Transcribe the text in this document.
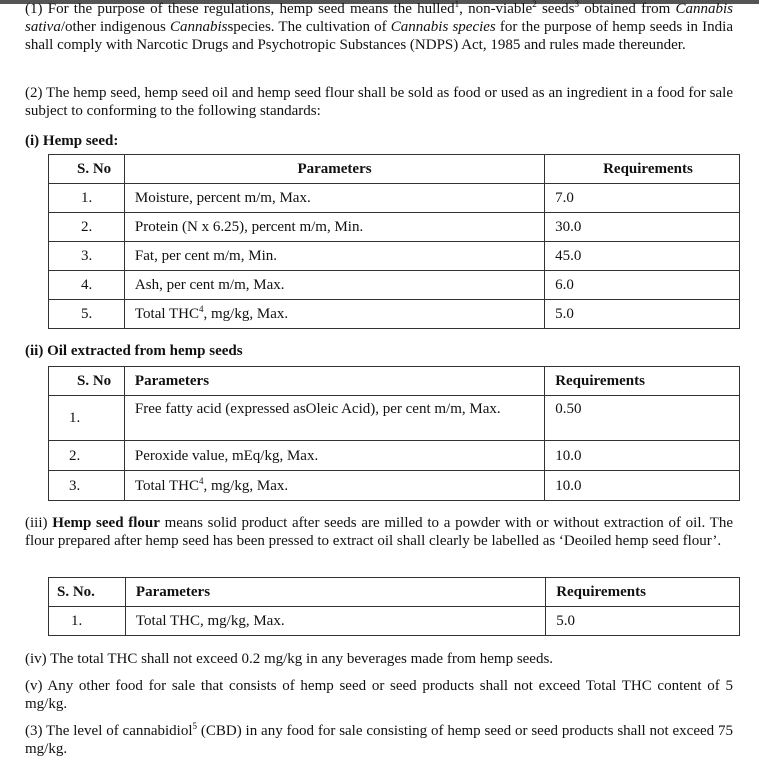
(1) For the purpose of these regulations, hemp seed means the hulled$^1$, non-viable$^2$ seeds$^3$ obtained from Cannabis sativa/other indigenous Cannabisspecies. The cultivation of Cannabis species for the purpose of hemp seeds in India shall comply with Narcotic Drugs and Psychotropic Substances (NDPS) Act, 1985 and rules made thereunder.
(2) The hemp seed, hemp seed oil and hemp seed flour shall be sold as food or used as an ingredient in a food for sale subject to conforming to the following standards:
(i) Hemp seed:
S. No	Parameters	Requirements
1.	Moisture, percent m/m, Max.	7.0
2.	Protein (N x 6.25), percent m/m, Min.	30.0
3.	Fat, per cent m/m, Min.	45.0
4.	Ash, per cent m/m, Max.	6.0
5.	Total THC$^4$, mg/kg, Max.	5.0
(ii) Oil extracted from hemp seeds
S. No	Parameters	Requirements
1.	Free fatty acid (expressed asOleic Acid), per cent m/m, Max.	0.50
2.	Peroxide value, mEq/kg, Max.	10.0
3.	Total THC$^4$, mg/kg, Max.	10.0
(iii) Hemp seed flour means solid product after seeds are milled to a powder with or without extraction of oil. The flour prepared after hemp seed has been pressed to extract oil shall clearly be labelled as ‘Deoiled hemp seed flour’.
S. No.	Parameters	Requirements
1.	Total THC, mg/kg, Max.	5.0
(iv) The total THC shall not exceed 0.2 mg/kg in any beverages made from hemp seeds.
(v) Any other food for sale that consists of hemp seed or seed products shall not exceed Total THC content of 5 mg/kg.
(3) The level of cannabidiol$^5$ (CBD) in any food for sale consisting of hemp seed or seed products shall not exceed 75 mg/kg.
